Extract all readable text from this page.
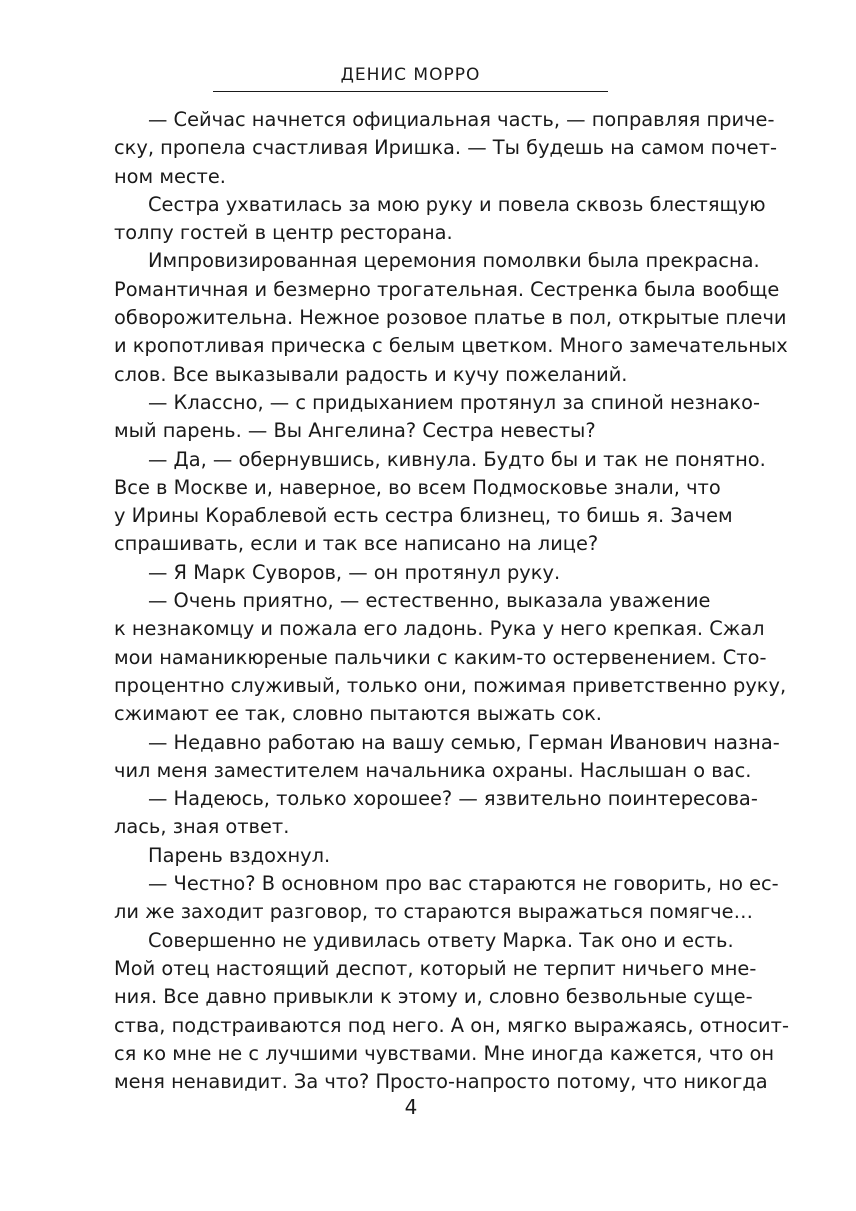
ДЕНИС МОРРО

— Сейчас начнется официальная часть, — поправляя приче-
ску, пропела счастливая Иришка. — Ты будешь на самом почет-
ном месте.

Сестра ухватилась за мою руку и повела сквозь блестящую
толпу гостей в центр ресторана.

Импровизированная церемония помолвки была прекрасна.
Романтичная и безмерно трогательная. Сестренка была вообще
обворожительна. Нежное розовое платье в пол, открытые плечи
и кропотливая прическа с белым цветком. Много замечательных
слов. Все выказывали радость и кучу пожеланий.

— Классно, — с придыханием протянул за спиной незнако-
мый парень. — Вы Ангелина? Сестра невесты?

— Да, — обернувшись, кивнула. Будто бы и так не понятно.
Все в Москве и, наверное, во всем Подмосковье знали, что
у Ирины Кораблевой есть сестра близнец, то бишь я. Зачем
спрашивать, если и так все написано на лице?

— Я Марк Суворов, — он протянул руку.

— Очень приятно, — естественно, выказала уважение
к незнакомцу и пожала его ладонь. Рука у него крепкая. Сжал
мои наманикюреные пальчики с каким-то остервенением. Сто-
процентно служивый, только они, пожимая приветственно руку,
сжимают ее так, словно пытаются выжать сок.

— Недавно работаю на вашу семью, Герман Иванович назна-
чил меня заместителем начальника охраны. Наслышан о вас.

— Надеюсь, только хорошее? — язвительно поинтересова-
лась, зная ответ.

Парень вздохнул.

— Честно? В основном про вас стараются не говорить, но ес-
ли же заходит разговор, то стараются выражаться помягче…

Совершенно не удивилась ответу Марка. Так оно и есть.
Мой отец настоящий деспот, который не терпит ничьего мне-
ния. Все давно привыкли к этому и, словно безвольные суще-
ства, подстраиваются под него. А он, мягко выражаясь, относит-
ся ко мне не с лучшими чувствами. Мне иногда кажется, что он
меня ненавидит. За что? Просто-напросто потому, что никогда

4
